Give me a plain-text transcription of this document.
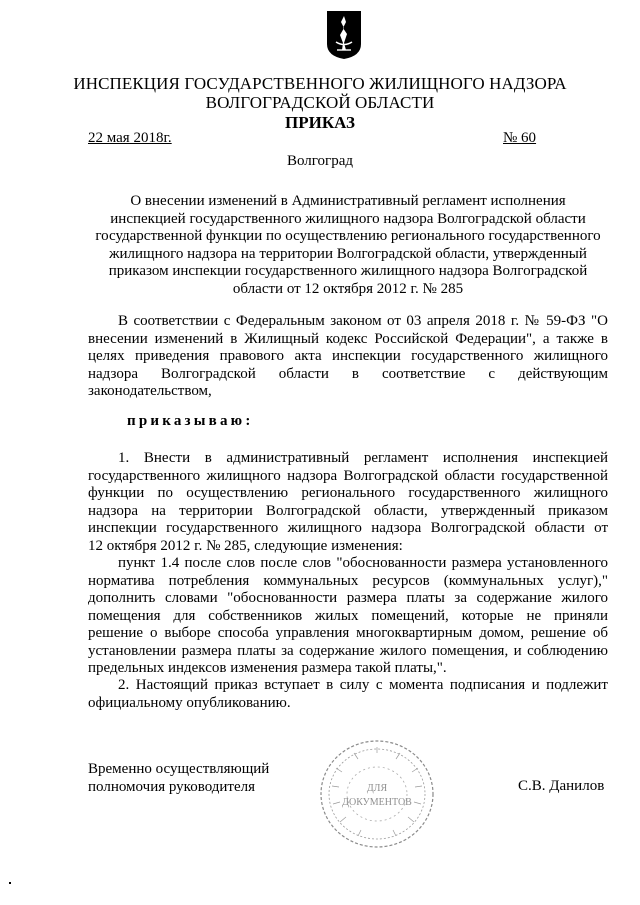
ИНСПЕКЦИЯ ГОСУДАРСТВЕННОГО ЖИЛИЩНОГО НАДЗОРА
ВОЛГОГРАДСКОЙ ОБЛАСТИ
ПРИКАЗ
22 мая 2018г.	№ 60
Волгоград
О внесении изменений в Административный регламент исполнения
инспекцией государственного жилищного надзора Волгоградской области
государственной функции по осуществлению регионального государственного
жилищного надзора на территории Волгоградской области, утвержденный
приказом инспекции государственного жилищного надзора Волгоградской
области от 12 октября 2012 г. № 285
В соответствии с Федеральным законом от 03 апреля 2018 г. № 59-ФЗ "О
внесении изменений в Жилищный кодекс Российской Федерации", а также в
целях приведения правового акта инспекции государственного жилищного
надзора Волгоградской области в соответствие с действующим
законодательством,
приказываю:
1. Внести в административный регламент исполнения инспекцией
государственного жилищного надзора Волгоградской области государственной
функции по осуществлению регионального государственного жилищного
надзора на территории Волгоградской области, утвержденный приказом
инспекции государственного жилищного надзора Волгоградской области от
12 октября 2012 г. № 285, следующие изменения:
пункт 1.4 после слов после слов "обоснованности размера установленного
норматива потребления коммунальных ресурсов (коммунальных услуг),"
дополнить словами "обоснованности размера платы за содержание жилого
помещения для собственников жилых помещений, которые не приняли
решение о выборе способа управления многоквартирным домом, решение об
установлении размера платы за содержание жилого помещения, и соблюдению
предельных индексов изменения размера такой платы,".
2. Настоящий приказ вступает в силу с момента подписания и подлежит
официальному опубликованию.
Временно осуществляющий
полномочия руководителя	ДЛЯ
ДОКУМЕНТОВ
С.В. Данилов
